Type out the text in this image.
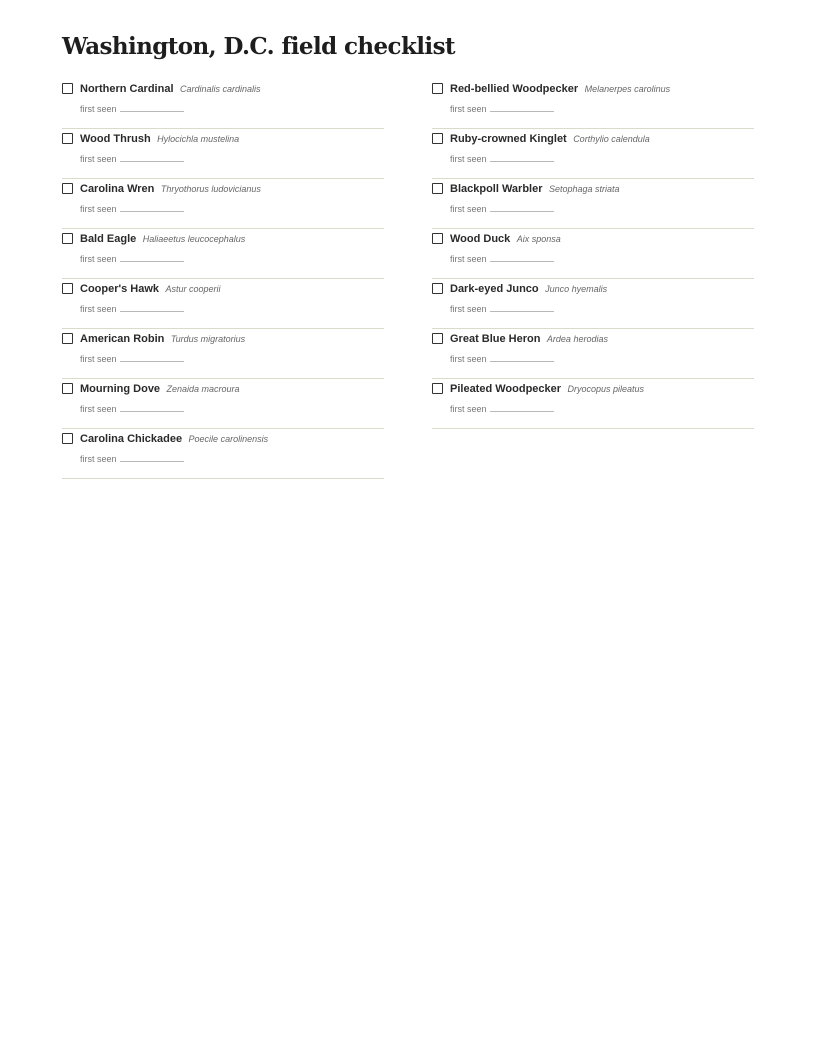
Washington, D.C. field checklist
Northern Cardinal Cardinalis cardinalis
first seen
Wood Thrush Hylocichla mustelina
first seen
Carolina Wren Thryothorus ludovicianus
first seen
Bald Eagle Haliaeetus leucocephalus
first seen
Cooper's Hawk Astur cooperii
first seen
American Robin Turdus migratorius
first seen
Mourning Dove Zenaida macroura
first seen
Carolina Chickadee Poecile carolinensis
first seen
Red-bellied Woodpecker Melanerpes carolinus
first seen
Ruby-crowned Kinglet Corthylio calendula
first seen
Blackpoll Warbler Setophaga striata
first seen
Wood Duck Aix sponsa
first seen
Dark-eyed Junco Junco hyemalis
first seen
Great Blue Heron Ardea herodias
first seen
Pileated Woodpecker Dryocopus pileatus
first seen
